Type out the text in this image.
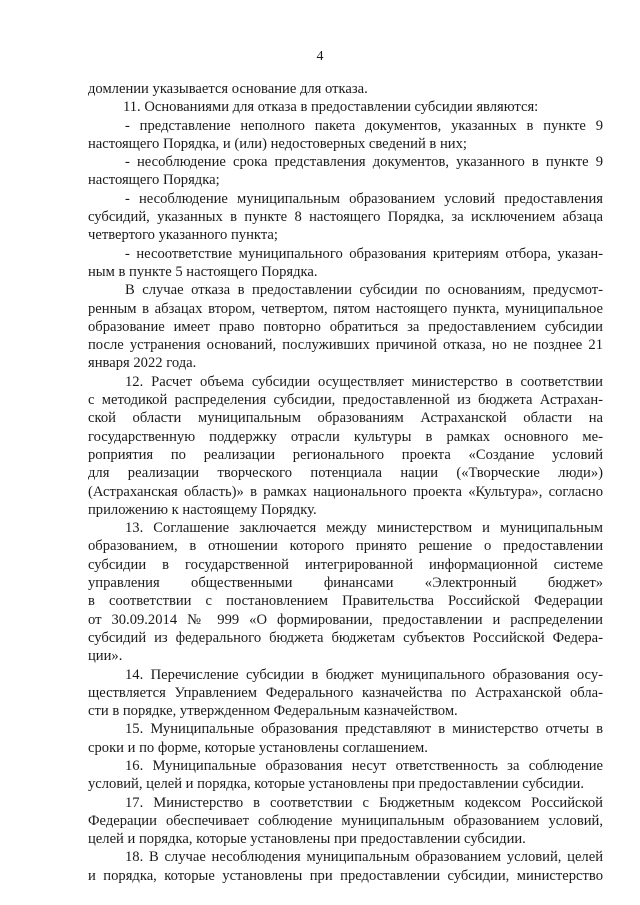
4
домлении указывается основание для отказа.
11. Основаниями для отказа в предоставлении субсидии являются:
- представление неполного пакета документов, указанных в пункте 9
настоящего Порядка, и (или) недостоверных сведений в них;
- несоблюдение срока представления документов, указанного в пункте 9
настоящего Порядка;
- несоблюдение муниципальным образованием условий предоставления
субсидий, указанных в пункте 8 настоящего Порядка, за исключением абзаца
четвертого указанного пункта;
- несоответствие муниципального образования критериям отбора, указан-
ным в пункте 5 настоящего Порядка.
В случае отказа в предоставлении субсидии по основаниям, предусмот-
ренным в абзацах втором, четвертом, пятом настоящего пункта, муниципальное
образование имеет право повторно обратиться за предоставлением субсидии
после устранения оснований, послуживших причиной отказа, но не позднее 21
января 2022 года.
12. Расчет объема субсидии осуществляет министерство в соответствии
с методикой распределения субсидии, предоставленной из бюджета Астрахан-
ской области муниципальным образованиям Астраханской области на
государственную поддержку отрасли культуры в рамках основного ме-
роприятия по реализации регионального проекта «Создание условий
для реализации творческого потенциала нации («Творческие люди»)
(Астраханская область)» в рамках национального проекта «Культура», согласно
приложению к настоящему Порядку.
13. Соглашение заключается между министерством и муниципальным
образованием, в отношении которого принято решение о предоставлении
субсидии в государственной интегрированной информационной системе
управления общественными финансами «Электронный бюджет»
в соответствии с постановлением Правительства Российской Федерации
от 30.09.2014 № 999 «О формировании, предоставлении и распределении
субсидий из федерального бюджета бюджетам субъектов Российской Федера-
ции».
14. Перечисление субсидии в бюджет муниципального образования осу-
ществляется Управлением Федерального казначейства по Астраханской обла-
сти в порядке, утвержденном Федеральным казначейством.
15. Муниципальные образования представляют в министерство отчеты в
сроки и по форме, которые установлены соглашением.
16. Муниципальные образования несут ответственность за соблюдение
условий, целей и порядка, которые установлены при предоставлении субсидии.
17. Министерство в соответствии с Бюджетным кодексом Российской
Федерации обеспечивает соблюдение муниципальным образованием условий,
целей и порядка, которые установлены при предоставлении субсидии.
18. В случае несоблюдения муниципальным образованием условий, целей
и порядка, которые установлены при предоставлении субсидии, министерство
